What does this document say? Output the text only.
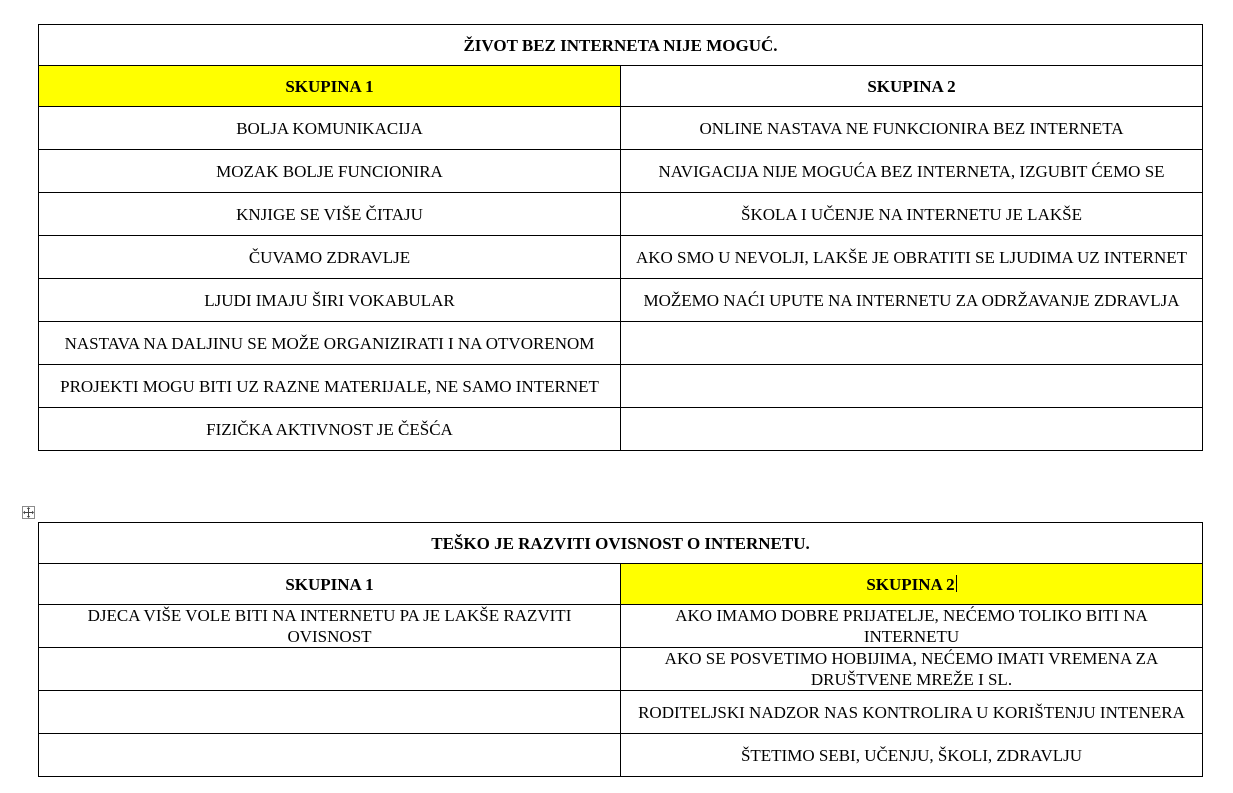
ŽIVOT BEZ INTERNETA NIJE MOGUĆ.	
SKUPINA 1	SKUPINA 2
BOLJA KOMUNIKACIJA	ONLINE NASTAVA NE FUNKCIONIRA BEZ INTERNETA
MOZAK BOLJE FUNCIONIRA	NAVIGACIJA NIJE MOGUĆA BEZ INTERNETA, IZGUBIT ĆEMO SE
KNJIGE SE VIŠE ČITAJU	ŠKOLA I UČENJE NA INTERNETU JE LAKŠE
ČUVAMO ZDRAVLJE	AKO SMO U NEVOLJI, LAKŠE JE OBRATITI SE LJUDIMA UZ INTERNET
LJUDI IMAJU ŠIRI VOKABULAR	MOŽEMO NAĆI UPUTE NA INTERNETU ZA ODRŽAVANJE ZDRAVLJA
NASTAVA NA DALJINU SE MOŽE ORGANIZIRATI I NA OTVORENOM	
PROJEKTI MOGU BITI UZ RAZNE MATERIJALE, NE SAMO INTERNET	
FIZIČKA AKTIVNOST JE ČEŠĆA	
TEŠKO JE RAZVITI OVISNOST O INTERNETU.	
SKUPINA 1	SKUPINA 2
DJECA VIŠE VOLE BITI NA INTERNETU PA JE LAKŠE RAZVITI OVISNOST	AKO IMAMO DOBRE PRIJATELJE, NEĆEMO TOLIKO BITI NA INTERNETU
	AKO SE POSVETIMO HOBIJIMA, NEĆEMO IMATI VREMENA ZA DRUŠTVENE MREŽE I SL.
	RODITELJSKI NADZOR NAS KONTROLIRA U KORIŠTENJU INTENERA
	ŠTETIMO SEBI, UČENJU, ŠKOLI, ZDRAVLJU
